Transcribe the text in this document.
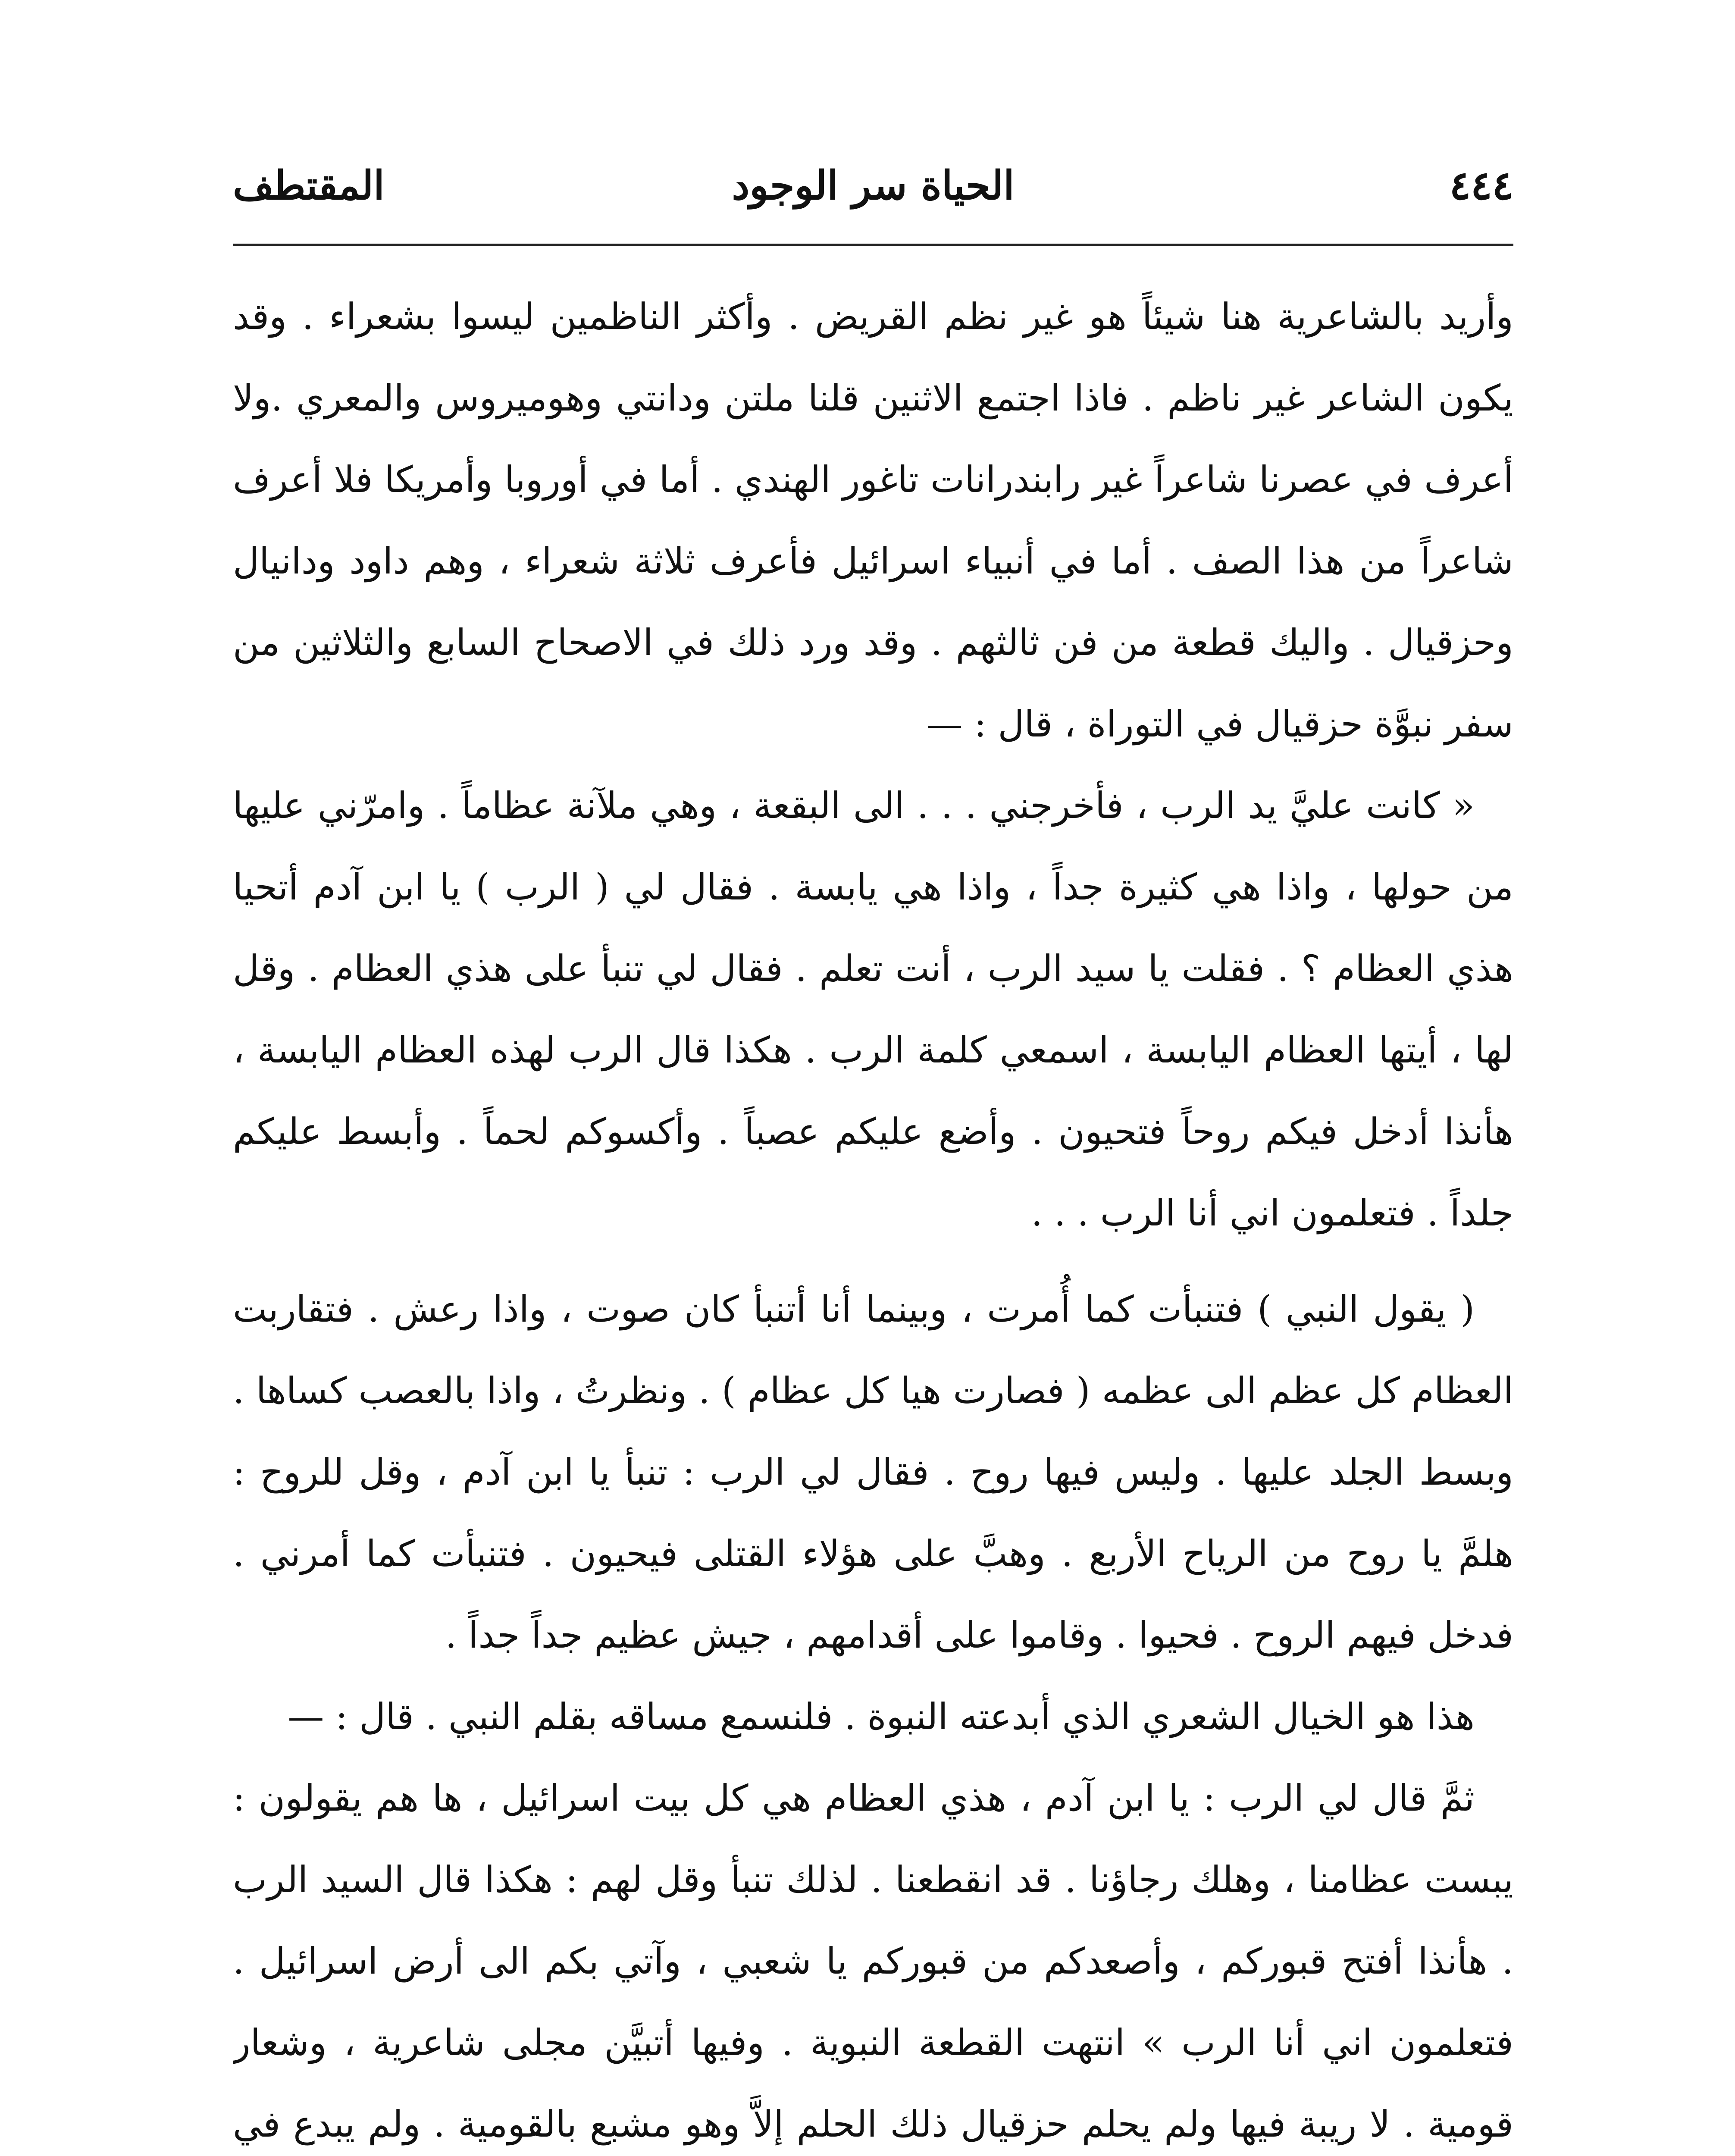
٤٤٤
الحياة سر الوجود
المقتطف

وأريد بالشاعرية هنا شيئاً هو غير نظم القريض . وأكثر الناظمين ليسوا بشعراء . وقد يكون الشاعر غير ناظم . فاذا اجتمع الاثنين قلنا ملتن ودانتي وهوميروس والمعري .ولا أعرف في عصرنا شاعراً غير رابندرانات تاغور الهندي . أما في أوروبا وأمريكا فلا أعرف شاعراً من هذا الصف . أما في أنبياء اسرائيل فأعرف ثلاثة شعراء ، وهم داود ودانيال وحزقيال . واليك قطعة من فن ثالثهم . وقد ورد ذلك في الاصحاح السابع والثلاثين من سفر نبوَّة حزقيال في التوراة ، قال : —

« كانت عليَّ يد الرب ، فأخرجني . . . الى البقعة ، وهي ملآنة عظاماً . وامرّني عليها من حولها ، واذا هي كثيرة جداً ، واذا هي يابسة . فقال لي ( الرب ) يا ابن آدم أتحيا هذي العظام ؟ . فقلت يا سيد الرب ، أنت تعلم . فقال لي تنبأ على هذي العظام . وقل لها ، أيتها العظام اليابسة ، اسمعي كلمة الرب . هكذا قال الرب لهذه العظام اليابسة ، هأنذا أدخل فيكم روحاً فتحيون . وأضع عليكم عصباً . وأكسوكم لحماً . وأبسط عليكم جلداً . فتعلمون اني أنا الرب . . .

( يقول النبي ) فتنبأت كما أُمرت ، وبينما أنا أتنبأ كان صوت ، واذا رعش . فتقاربت العظام كل عظم الى عظمه ( فصارت هيا كل عظام ) . ونظرتُ ، واذا بالعصب كساها . وبسط الجلد عليها . وليس فيها روح . فقال لي الرب : تنبأ يا ابن آدم ، وقل للروح : هلمَّ يا روح من الرياح الأربع . وهبَّ على هؤلاء القتلى فيحيون . فتنبأت كما أمرني . فدخل فيهم الروح . فحيوا . وقاموا على أقدامهم ، جيش عظيم جداً جداً .

هذا هو الخيال الشعري الذي أبدعته النبوة . فلنسمع مساقه بقلم النبي . قال : —

ثمَّ قال لي الرب : يا ابن آدم ، هذي العظام هي كل بيت اسرائيل ، ها هم يقولون : يبست عظامنا ، وهلك رجاؤنا . قد انقطعنا . لذلك تنبأ وقل لهم : هكذا قال السيد الرب . هأنذا أفتح قبوركم ، وأصعدكم من قبوركم يا شعبي ، وآتي بكم الى أرض اسرائيل . فتعلمون اني أنا الرب » انتهت القطعة النبوية . وفيها أتبيَّن مجلى شاعرية ، وشعار قومية . لا ريبة فيها ولم يحلم حزقيال ذلك الحلم إلاَّ وهو مشبع بالقومية . ولم يبدع في
